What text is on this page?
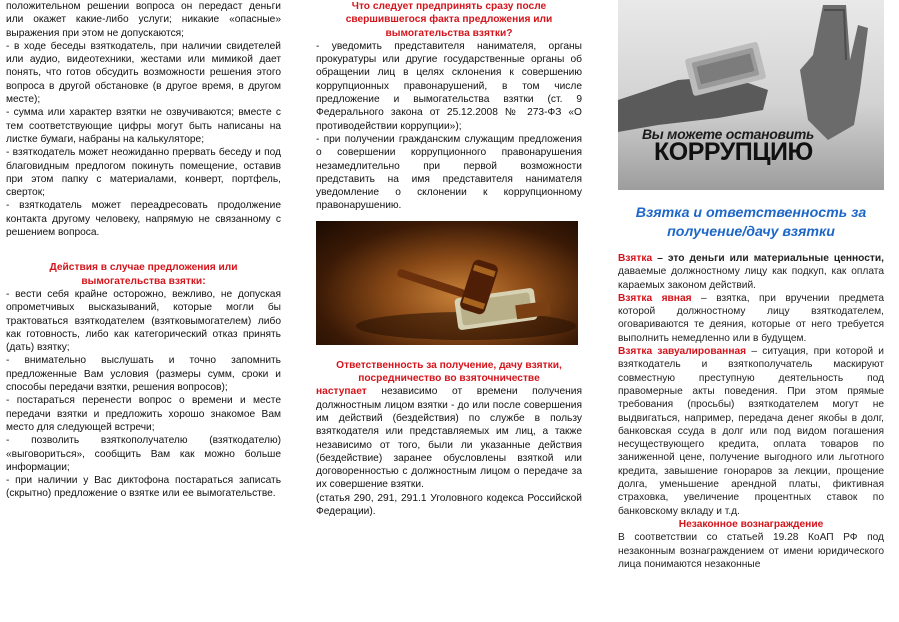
положительном решении вопроса он передаст деньги или окажет какие-либо услуги; никакие «опасные» выражения при этом не допускаются;

- в ходе беседы взяткодатель, при наличии свидетелей или аудио, видеотехники, жестами или мимикой дает понять, что готов обсудить возможности решения этого вопроса в другой обстановке (в другое время, в другом месте);

- сумма или характер взятки не озвучиваются; вместе с тем соответствующие цифры могут быть написаны на листке бумаги, набраны на калькуляторе;

- взяткодатель может неожиданно прервать беседу и под благовидным предлогом покинуть помещение, оставив при этом папку с материалами, конверт, портфель, сверток;

- взяткодатель может переадресовать продолжение контакта другому человеку, напрямую не связанному с решением вопроса.

Действия в случае предложения или вымогательства взятки:

- вести себя крайне осторожно, вежливо, не допуская опрометчивых высказываний, которые могли бы трактоваться взяткодателем (взятковымогателем) либо как готовность, либо как категорический отказ принять (дать) взятку;

- внимательно выслушать и точно запомнить предложенные Вам условия (размеры сумм, сроки и способы передачи взятки, решения вопросов);

- постараться перенести вопрос о времени и месте передачи взятки и предложить хорошо знакомое Вам место для следующей встречи;

- позволить взяткополучателю (взяткодателю) «выговориться», сообщить Вам как можно больше информации;

- при наличии у Вас диктофона постараться записать (скрытно) предложение о взятке или ее вымогательстве.

Что следует предпринять сразу после свершившегося факта предложения или вымогательства взятки?

- уведомить представителя нанимателя, органы прокуратуры или другие государственные органы об обращении лиц в целях склонения к совершению коррупционных правонарушений, в том числе предложение и вымогательства взятки (ст. 9 Федерального закона от 25.12.2008 № 273-ФЗ «О противодействии коррупции»);

- при получении гражданским служащим предложения о совершении коррупционного правонарушения незамедлительно при первой возможности представить на имя представителя нанимателя уведомление о склонении к коррупционному правонарушению.

Ответственность за получение, дачу взятки, посредничество во взяточничестве

наступает независимо от времени получения должностным лицом взятки - до или после совершения им действий (бездействия) по службе в пользу взяткодателя или представляемых им лиц, а также независимо от того, были ли указанные действия (бездействие) заранее обусловлены взяткой или договоренностью с должностным лицом о передаче за их совершение взятки.

(статья 290, 291, 291.1 Уголовного кодекса Российской Федерации).

Вы можете остановить
КОРРУПЦИЮ

Взятка и ответственность за получение/дачу взятки

Взятка – это деньги или материальные ценности, даваемые должностному лицу как подкуп, как оплата караемых законом действий.

Взятка явная – взятка, при вручении предмета которой должностному лицу взяткодателем, оговариваются те деяния, которые от него требуется выполнить немедленно или в будущем.

Взятка завуалированная – ситуация, при которой и взяткодатель и взяткополучатель маскируют совместную преступную деятельность под правомерные акты поведения. При этом прямые требования (просьбы) взяткодателем могут не выдвигаться, например, передача денег якобы в долг, банковская ссуда в долг или под видом погашения несуществующего кредита, оплата товаров по заниженной цене, получение выгодного или льготного кредита, завышение гонораров за лекции, прощение долга, уменьшение арендной платы, фиктивная страховка, увеличение процентных ставок по банковскому вкладу и т.д.

Незаконное вознаграждение

В соответствии со статьей 19.28 КоАП РФ под незаконным вознаграждением от имени юридического лица понимаются незаконные
